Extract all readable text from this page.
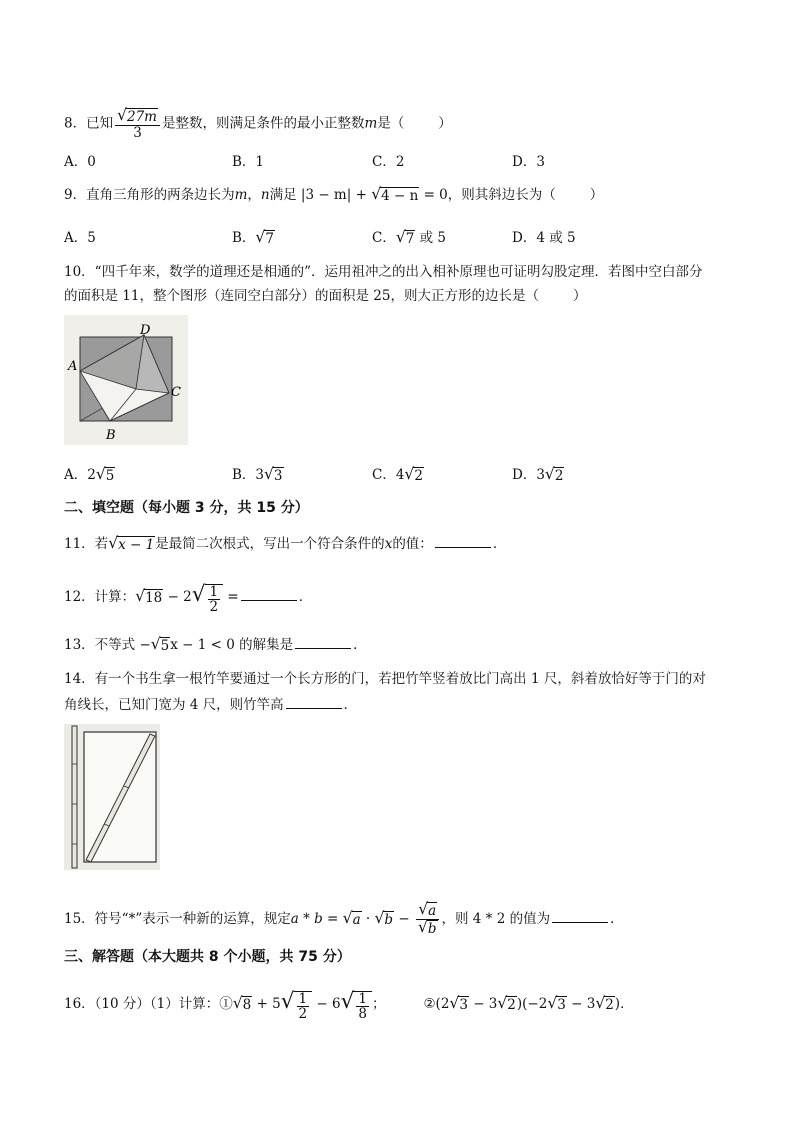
8．已知 $\frac{√ 27m}{3}$ 是整数，则满足条件的最小正整数m是（	）
A．0	B．1	C．2	D．3
9．直角三角形的两条边长为m，n满足 |3 − m| + √ 4 − n = 0，则其斜边长为（	）
A．5	B． √ 7	C． √ 7 或 5	D．4 或 5
10．“四千年来，数学的道理还是相通的”．运用祖冲之的出入相补原理也可证明勾股定理．若图中空白部分
的面积是 11，整个图形（连同空白部分）的面积是 25，则大正方形的边长是（	）
A
D
C
B
A．2 √ 5	B．3 √ 3	C．4 √ 2	D．3 √ 2
二、填空题（每小题 3 分，共 15 分）
11．若 √ x − 1 是最简二次根式，写出一个符合条件的x的值：	．
12．计算： √ 18 − 2 √ $\frac{1}{2}$ =	．
13．不等式 − √ 5 x − 1 < 0 的解集是	．
14．有一个书生拿一根竹竿要通过一个长方形的门，若把竹竿竖着放比门高出 1 尺，斜着放恰好等于门的对
角线长，已知门宽为 4 尺，则竹竿高	．
15．符号“*”表示一种新的运算，规定a * b = √ a · √ $b - \frac{√ a}{√ b}$ ，则 4 * 2 的值为	．
三、解答题（本大题共 8 个小题，共 75 分）
16．（10 分）（1）计算：① √ 8 + 5 √ $\frac{1}{2} - 6$ √ $\frac{1}{8}$ ；	②(2 √ 3 − 3 √ 2 )(−2 √ 3 − 3 √ 2 )．
